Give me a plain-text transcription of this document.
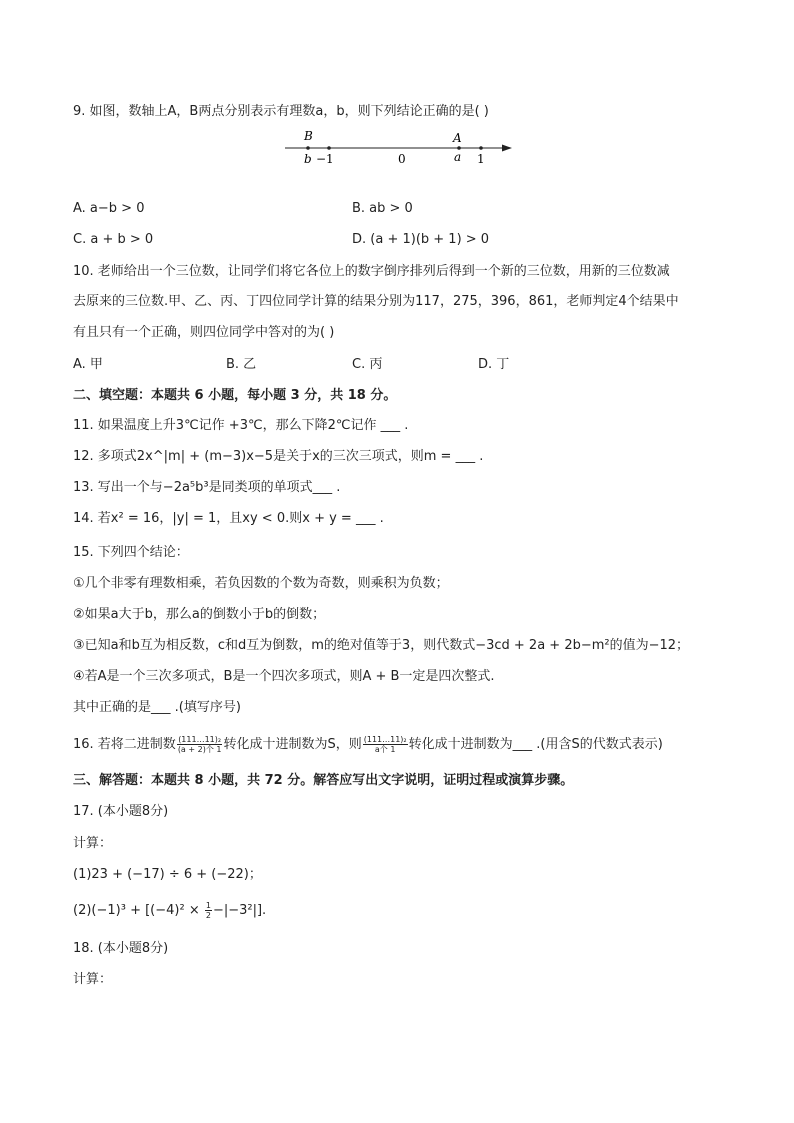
9. 如图，数轴上A，B两点分别表示有理数a，b，则下列结论正确的是( )
B	A
b −1	0	a 1
A. a−b > 0	B. ab > 0
C. a + b > 0	D. (a + 1)(b + 1) > 0
10. 老师给出一个三位数，让同学们将它各位上的数字倒序排列后得到一个新的三位数，用新的三位数减
去原来的三位数.甲、乙、丙、丁四位同学计算的结果分别为117，275，396，861，老师判定4个结果中
有且只有一个正确，则四位同学中答对的为( )
A. 甲	B. 乙	C. 丙	D. 丁
二、填空题：本题共 6 小题，每小题 3 分，共 18 分。
11. 如果温度上升3℃记作 +3℃，那么下降2℃记作 ___ .
12. 多项式2x^|m| + (m−3)x−5是关于x的三次三项式，则m = ___ .
13. 写出一个与−2a⁵b³是同类项的单项式___ .
14. 若x² = 16，|y| = 1，且xy < 0.则x + y = ___ .
15. 下列四个结论：
①几个非零有理数相乘，若负因数的个数为奇数，则乘积为负数；
②如果a大于b，那么a的倒数小于b的倒数；
③已知a和b互为相反数，c和d互为倒数，m的绝对值等于3，则代数式−3cd + 2a + 2b−m²的值为−12；
④若A是一个三次多项式，B是一个四次多项式，则A + B一定是四次整式.
其中正确的是___ .(填写序号)
16. 若将二进制数 $\frac{\text{(111…11)₂}}{\text{(a + 2)个 1}}$ 转化成十进制数为S，则 $\frac{\text{(111…11)₂}}{\text{a个 1}}$ 转化成十进制数为___ .(用含S的代数式表示)
三、解答题：本题共 8 小题，共 72 分。解答应写出文字说明，证明过程或演算步骤。
17. (本小题8分)
计算：
(1)23 + (−17) ÷ 6 + (−22)；
$(2)(-1)^3 + [(-4)^2 \times \frac{1}{2} -|-3^2|]$.
18. (本小题8分)
计算：
